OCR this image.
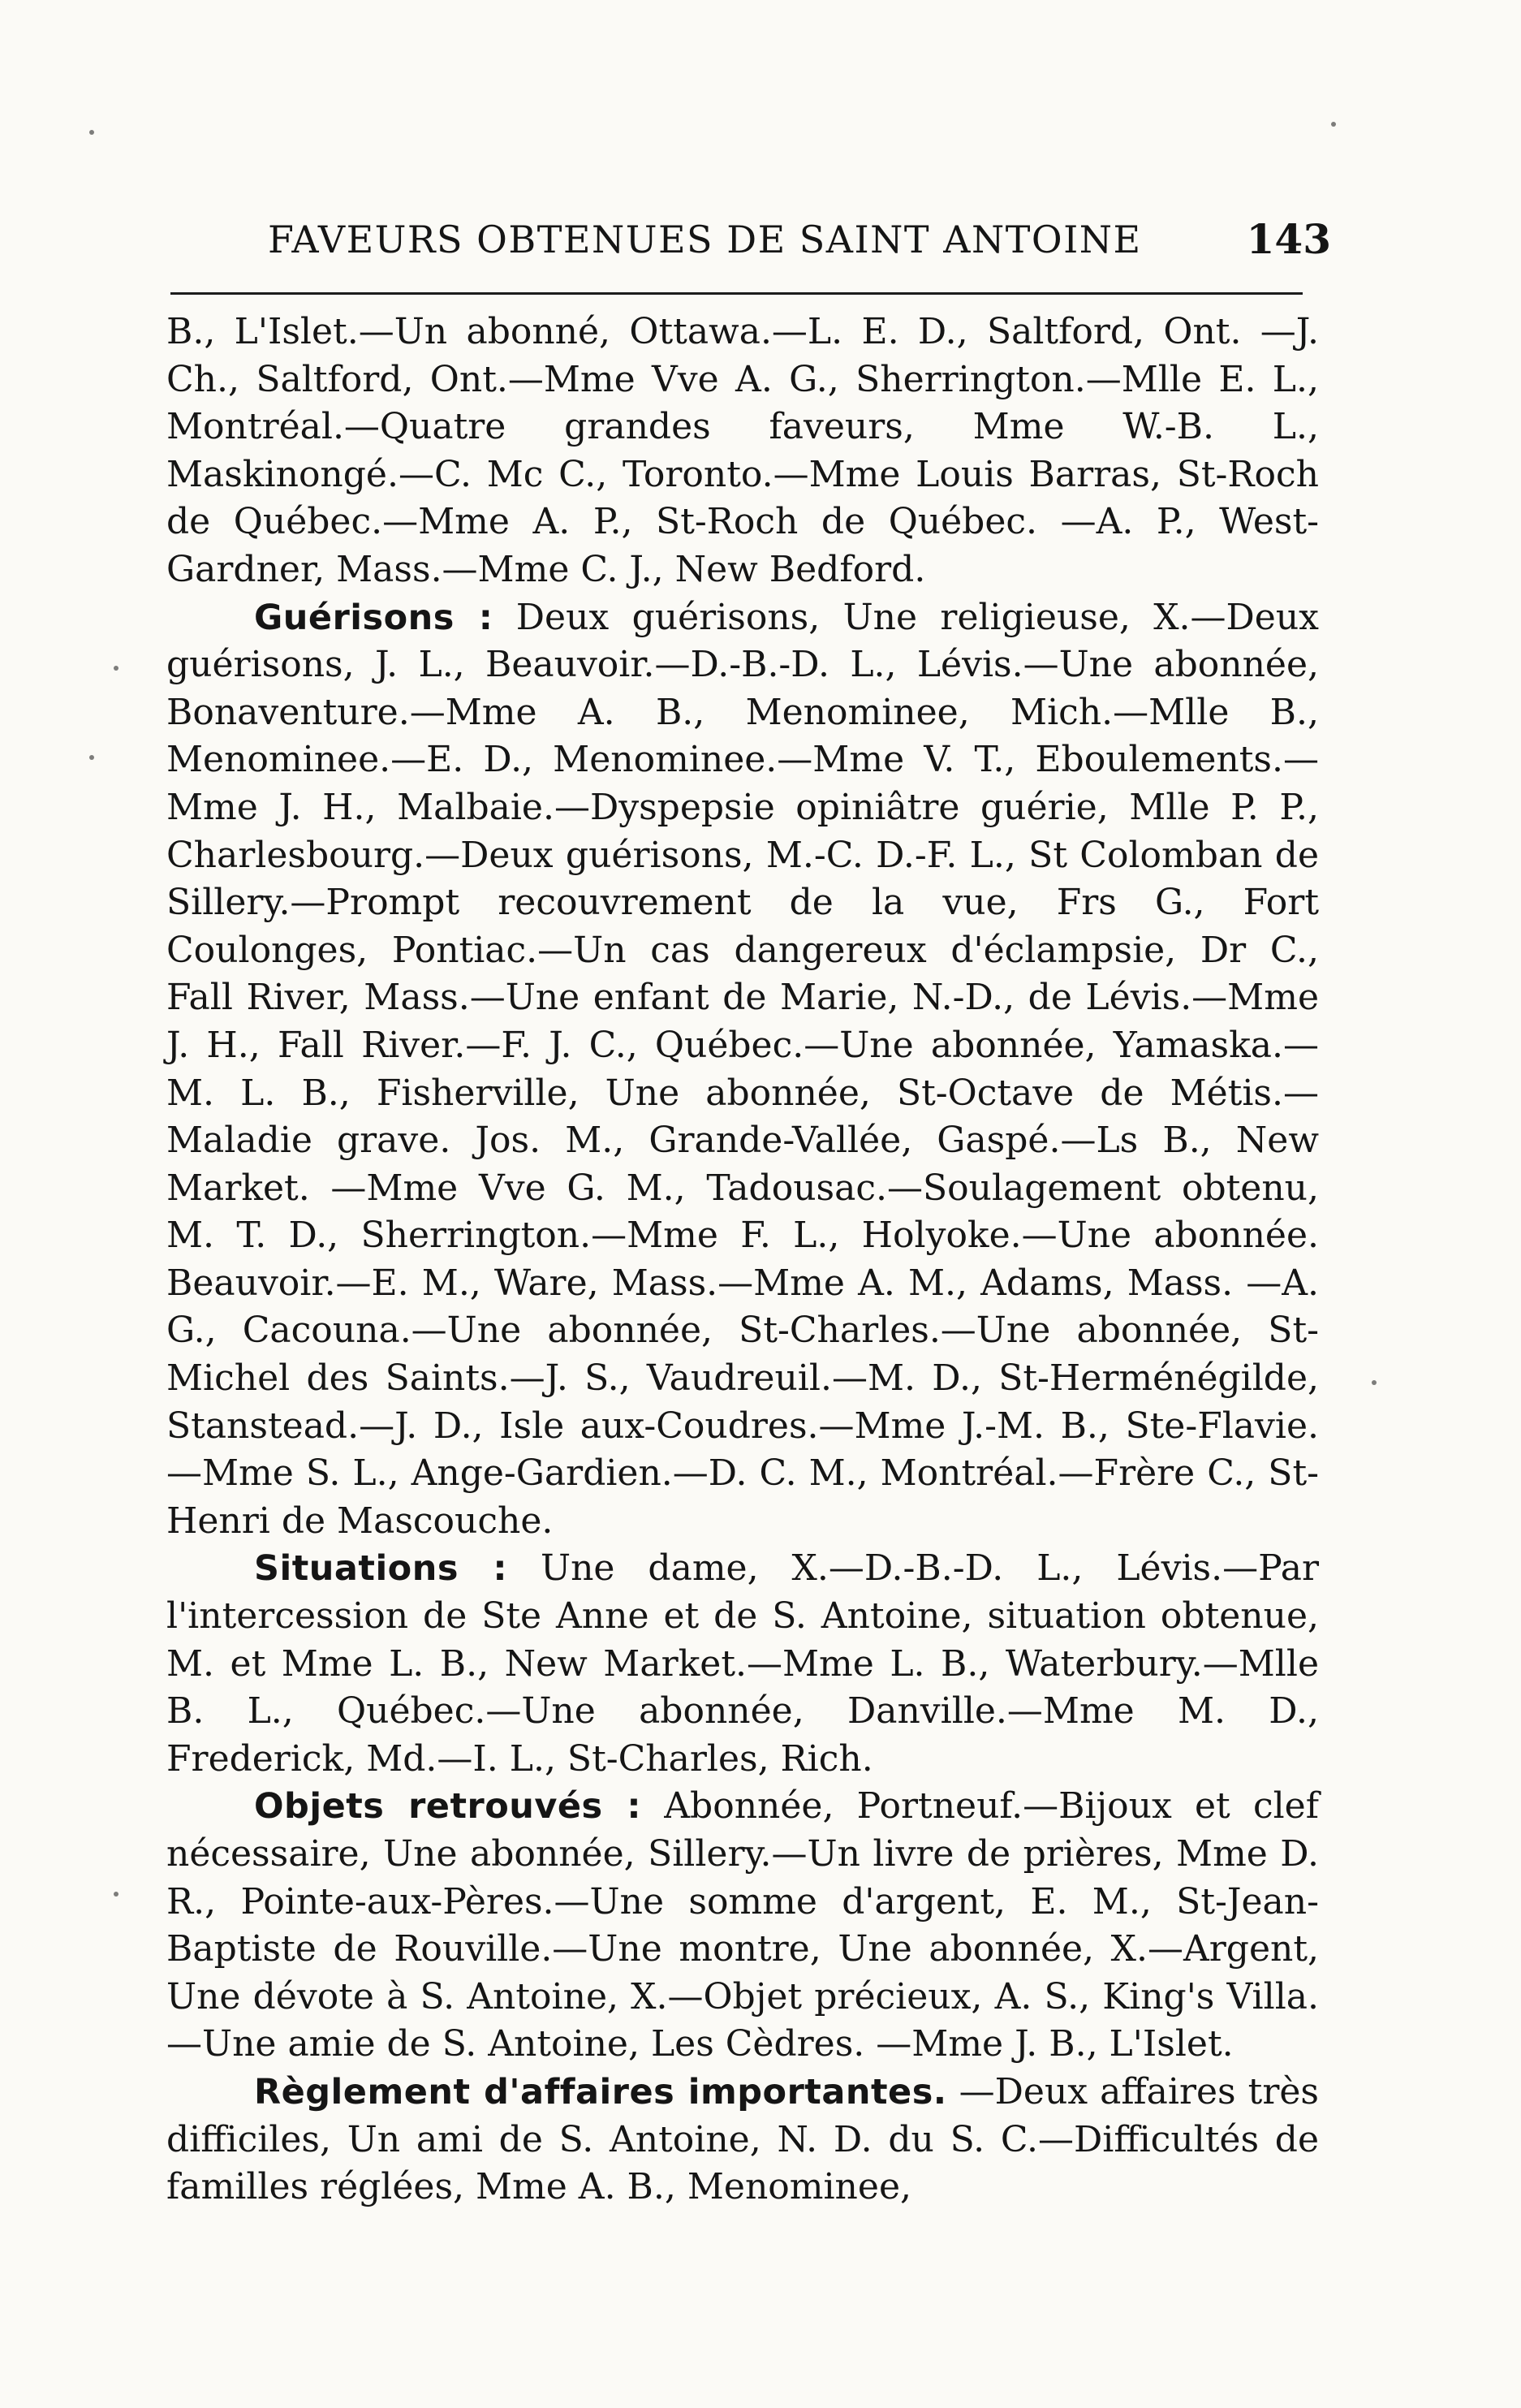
FAVEURS OBTENUES DE SAINT ANTOINE	143

B., L'Islet.—Un abonné, Ottawa.—L. E. D., Saltford, Ont. —J. Ch., Saltford, Ont.—Mme Vve A. G., Sherrington.—Mlle E. L., Montréal.—Quatre grandes faveurs, Mme W.-B. L., Maskinongé.—C. Mc C., Toronto.—Mme Louis Barras, St-Roch de Québec.—Mme A. P., St-Roch de Québec. —A. P., West-Gardner, Mass.—Mme C. J., New Bedford.

Guérisons : Deux guérisons, Une religieuse, X.—Deux guérisons, J. L., Beauvoir.—D.-B.-D. L., Lévis.—Une abonnée, Bonaventure.—Mme A. B., Menominee, Mich.—Mlle B., Menominee.—E. D., Menominee.—Mme V. T., Eboulements.—Mme J. H., Malbaie.—Dyspepsie opiniâtre guérie, Mlle P. P., Charlesbourg.—Deux guérisons, M.-C. D.-F. L., St Colomban de Sillery.—Prompt recouvrement de la vue, Frs G., Fort Coulonges, Pontiac.—Un cas dangereux d'éclampsie, Dr C., Fall River, Mass.—Une enfant de Marie, N.-D., de Lévis.—Mme J. H., Fall River.—F. J. C., Québec.—Une abonnée, Yamaska.—M. L. B., Fisherville, Une abonnée, St-Octave de Métis.—Maladie grave. Jos. M., Grande-Vallée, Gaspé.—Ls B., New Market. —Mme Vve G. M., Tadousac.—Soulagement obtenu, M. T. D., Sherrington.—Mme F. L., Holyoke.—Une abonnée. Beauvoir.—E. M., Ware, Mass.—Mme A. M., Adams, Mass. —A. G., Cacouna.—Une abonnée, St-Charles.—Une abonnée, St-Michel des Saints.—J. S., Vaudreuil.—M. D., St-Herménégilde, Stanstead.—J. D., Isle aux-Coudres.—Mme J.-M. B., Ste-Flavie.—Mme S. L., Ange-Gardien.—D. C. M., Montréal.—Frère C., St-Henri de Mascouche.

Situations : Une dame, X.—D.-B.-D. L., Lévis.—Par l'intercession de Ste Anne et de S. Antoine, situation obtenue, M. et Mme L. B., New Market.—Mme L. B., Waterbury.—Mlle B. L., Québec.—Une abonnée, Danville.—Mme M. D., Frederick, Md.—I. L., St-Charles, Rich.

Objets retrouvés : Abonnée, Portneuf.—Bijoux et clef nécessaire, Une abonnée, Sillery.—Un livre de prières, Mme D. R., Pointe-aux-Pères.—Une somme d'argent, E. M., St-Jean-Baptiste de Rouville.—Une montre, Une abonnée, X.—Argent, Une dévote à S. Antoine, X.—Objet précieux, A. S., King's Villa.—Une amie de S. Antoine, Les Cèdres. —Mme J. B., L'Islet.

Règlement d'affaires importantes. —Deux affaires très difficiles, Un ami de S. Antoine, N. D. du S. C.—Difficultés de familles réglées, Mme A. B., Menominee,
